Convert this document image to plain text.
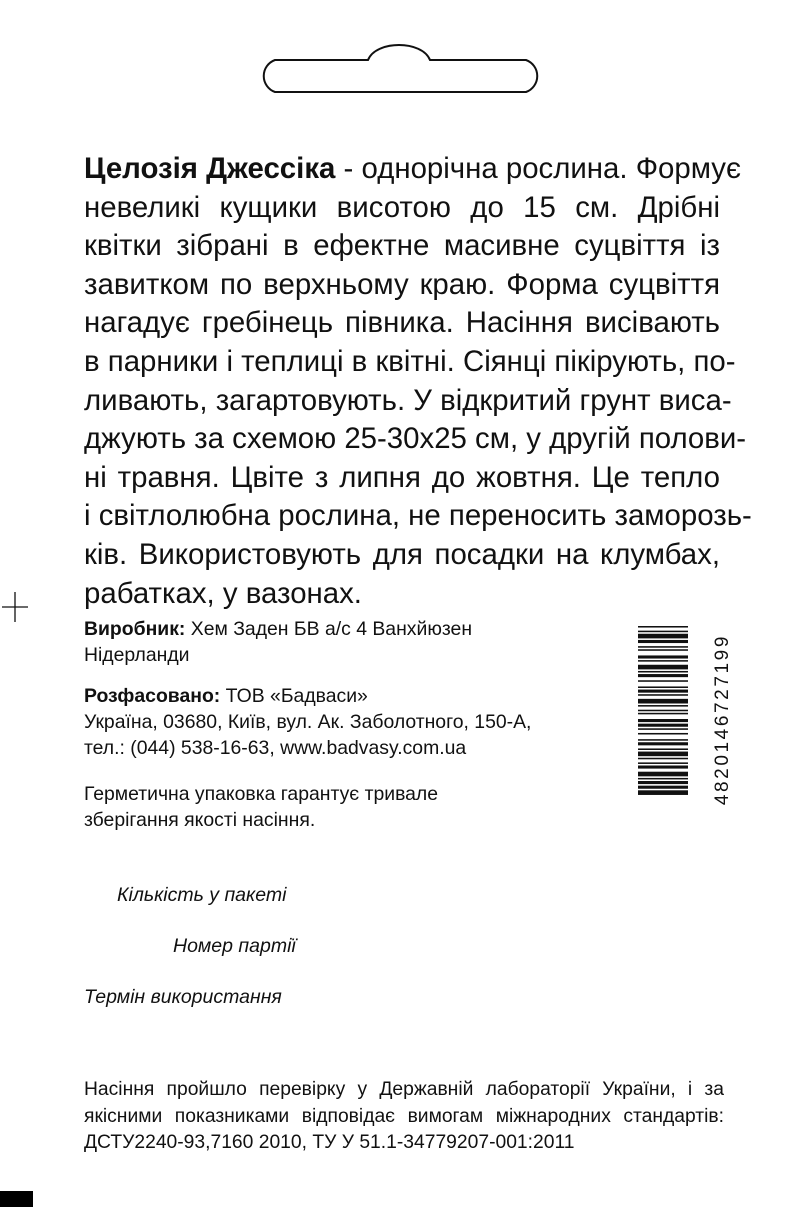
Целозія Джессіка - однорічна рослина. Формує
невеликі кущики висотою до 15 см. Дрібні
квітки зібрані в ефектне масивне суцвіття із
завитком по верхньому краю. Форма суцвіття
нагадує гребінець півника. Насіння висівають
в парники і теплиці в квітні. Сіянці пікірують, по-
ливають, загартовують. У відкритий грунт виса-
джують за схемою 25-30х25 см, у другій полови-
ні травня. Цвіте з липня до жовтня. Це тепло
і світлолюбна рослина, не переносить заморозь-
ків. Використовують для посадки на клумбах,
рабатках, у вазонах.
Виробник: Хем Заден БВ а/с 4 Ванхйюзен
Нідерланди
Розфасовано: ТОВ «Бадваси»
Україна, 03680, Київ, вул. Ак. Заболотного, 150-А,
тел.: (044) 538-16-63, www.badvasy.com.ua
Герметична упаковка гарантує тривале
зберігання якості насіння.
4820146727199
Кількість у пакеті
Номер партії
Термін використання
Насіння пройшло перевірку у Державній лабораторії України, і за
якісними показниками відповідає вимогам міжнародних стандартів:
ДСТУ2240-93,7160 2010, ТУ У 51.1-34779207-001:2011
